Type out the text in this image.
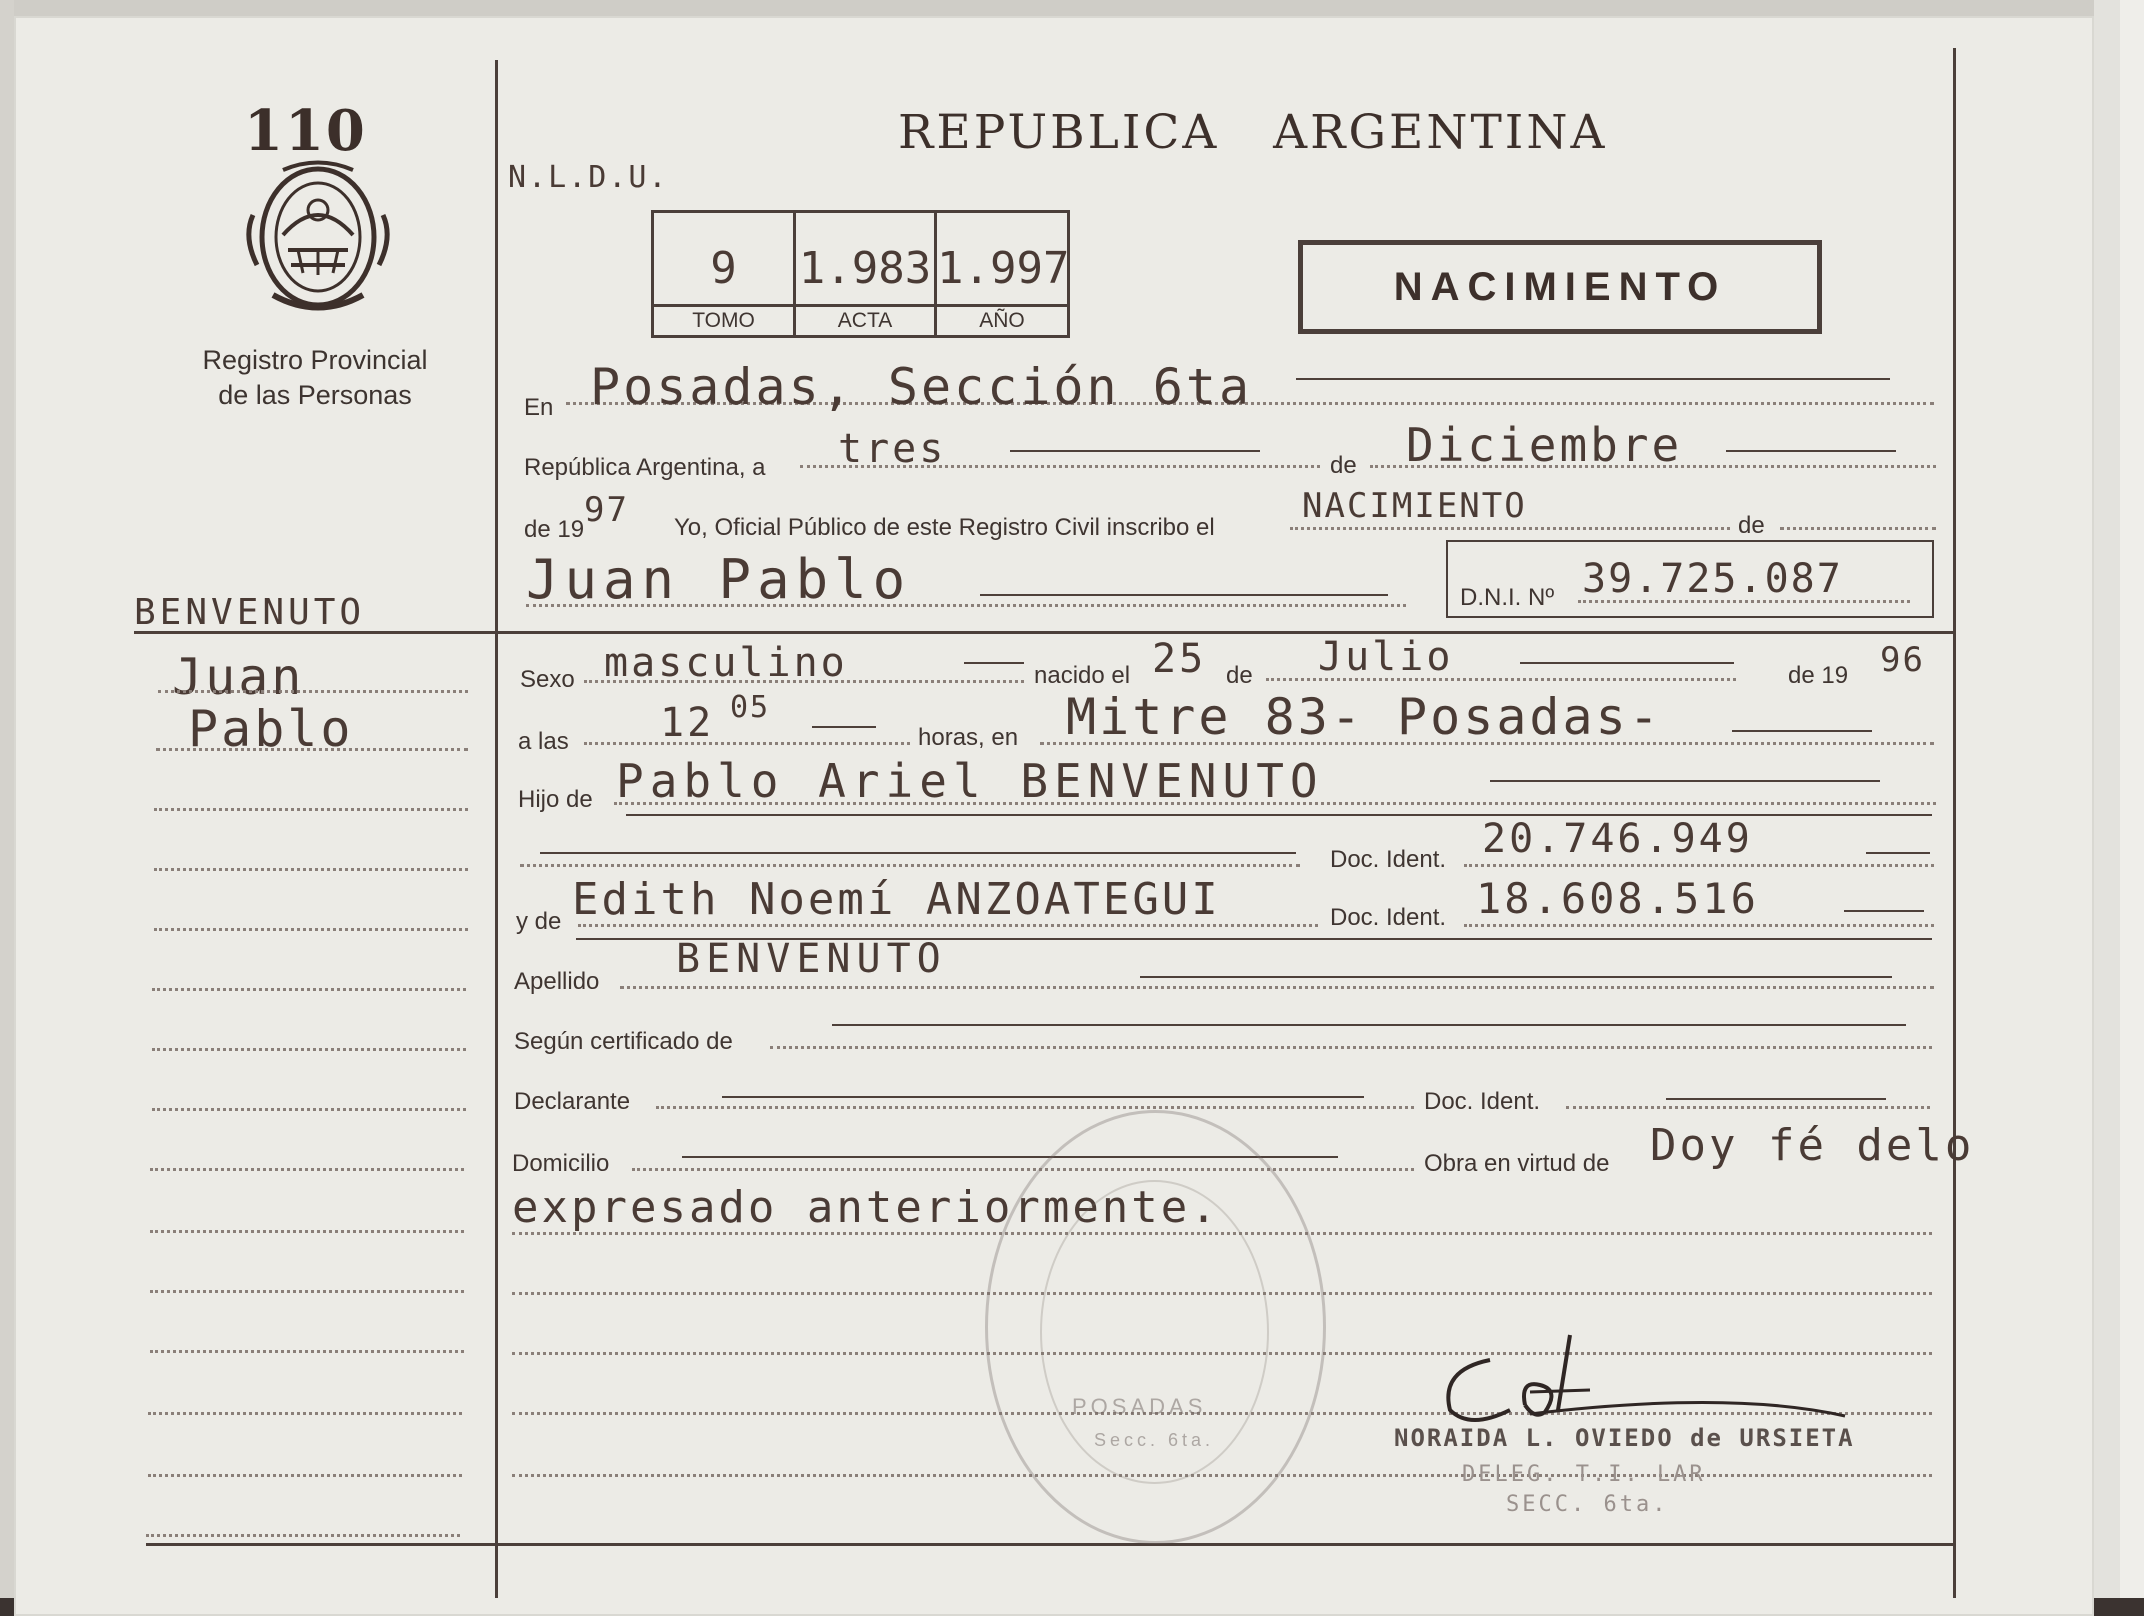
110
Registro Provincial
de las Personas
REPUBLICA   ARGENTINA
N.L.D.U.
9
TOMO
1.983
ACTA
1.997
AÑO
NACIMIENTO
En Posadas, Sección 6ta
República Argentina, a tres	de Diciembre
de 19 97 Yo, Oficial Público de este Registro Civil inscribo el
NACIMIENTO	de
Juan Pablo	D.N.I. Nº 39.725.087
BENVENUTO
Juan
Pablo
Sexo masculino	nacido el 25 de Julio	de 19 96
a las 12 05
horas, en Mitre 83- Posadas-
Hijo de Pablo Ariel BENVENUTO
Doc. Ident. 20.746.949
y de Edith Noemí ANZOATEGUI	Doc. Ident. 18.608.516
Apellido BENVENUTO
Según certificado de
Declarante	Doc. Ident.
Domicilio	Obra en virtud de Doy fé delo
expresado anteriormente.
POSADAS
Secc. 6ta.	NORAIDA L. OVIEDO de URSIETA
DELEG. T.I. LAR
SECC. 6ta.
